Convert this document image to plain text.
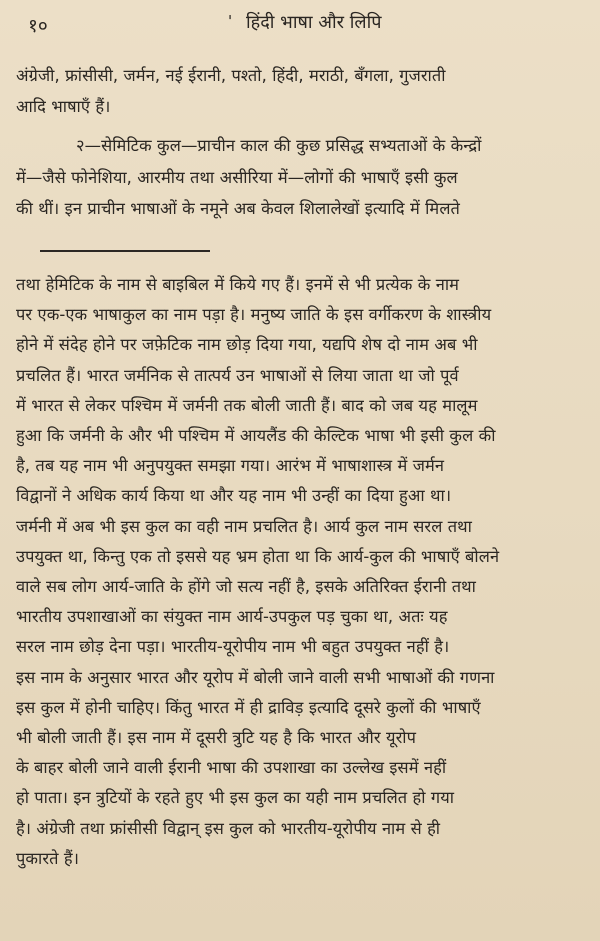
१०	' हिंदी भाषा और लिपि
अंग्रेजी, फ्रांसीसी, जर्मन, नई ईरानी, पश्तो, हिंदी, मराठी, बँगला, गुजराती
आदि भाषाएँ हैं।
२—सेमिटिक कुल—प्राचीन काल की कुछ प्रसिद्ध सभ्यताओं के केन्द्रों
में—जैसे फोनेशिया, आरमीय तथा असीरिया में—लोगों की भाषाएँ इसी कुल
की थीं। इन प्राचीन भाषाओं के नमूने अब केवल शिलालेखों इत्यादि में मिलते
तथा हेमिटिक के नाम से बाइबिल में किये गए हैं। इनमें से भी प्रत्येक के नाम
पर एक-एक भाषाकुल का नाम पड़ा है। मनुष्य जाति के इस वर्गीकरण के शास्त्रीय
होने में संदेह होने पर जफ़ेटिक नाम छोड़ दिया गया, यद्यपि शेष दो नाम अब भी
प्रचलित हैं। भारत जर्मनिक से तात्पर्य उन भाषाओं से लिया जाता था जो पूर्व
में भारत से लेकर पश्चिम में जर्मनी तक बोली जाती हैं। बाद को जब यह मालूम
हुआ कि जर्मनी के और भी पश्चिम में आयलैंड की केल्टिक भाषा भी इसी कुल की
है, तब यह नाम भी अनुपयुक्त समझा गया। आरंभ में भाषाशास्त्र में जर्मन
विद्वानों ने अधिक कार्य किया था और यह नाम भी उन्हीं का दिया हुआ था।
जर्मनी में अब भी इस कुल का वही नाम प्रचलित है। आर्य कुल नाम सरल तथा
उपयुक्त था, किन्तु एक तो इससे यह भ्रम होता था कि आर्य-कुल की भाषाएँ बोलने
वाले सब लोग आर्य-जाति के होंगे जो सत्य नहीं है, इसके अतिरिक्त ईरानी तथा
भारतीय उपशाखाओं का संयुक्त नाम आर्य-उपकुल पड़ चुका था, अतः यह
सरल नाम छोड़ देना पड़ा। भारतीय-यूरोपीय नाम भी बहुत उपयुक्त नहीं है।
इस नाम के अनुसार भारत और यूरोप में बोली जाने वाली सभी भाषाओं की गणना
इस कुल में होनी चाहिए। किंतु भारत में ही द्राविड़ इत्यादि दूसरे कुलों की भाषाएँ
भी बोली जाती हैं। इस नाम में दूसरी त्रुटि यह है कि भारत और यूरोप
के बाहर बोली जाने वाली ईरानी भाषा की उपशाखा का उल्लेख इसमें नहीं
हो पाता। इन त्रुटियों के रहते हुए भी इस कुल का यही नाम प्रचलित हो गया
है। अंग्रेजी तथा फ्रांसीसी विद्वान् इस कुल को भारतीय-यूरोपीय नाम से ही
पुकारते हैं।
